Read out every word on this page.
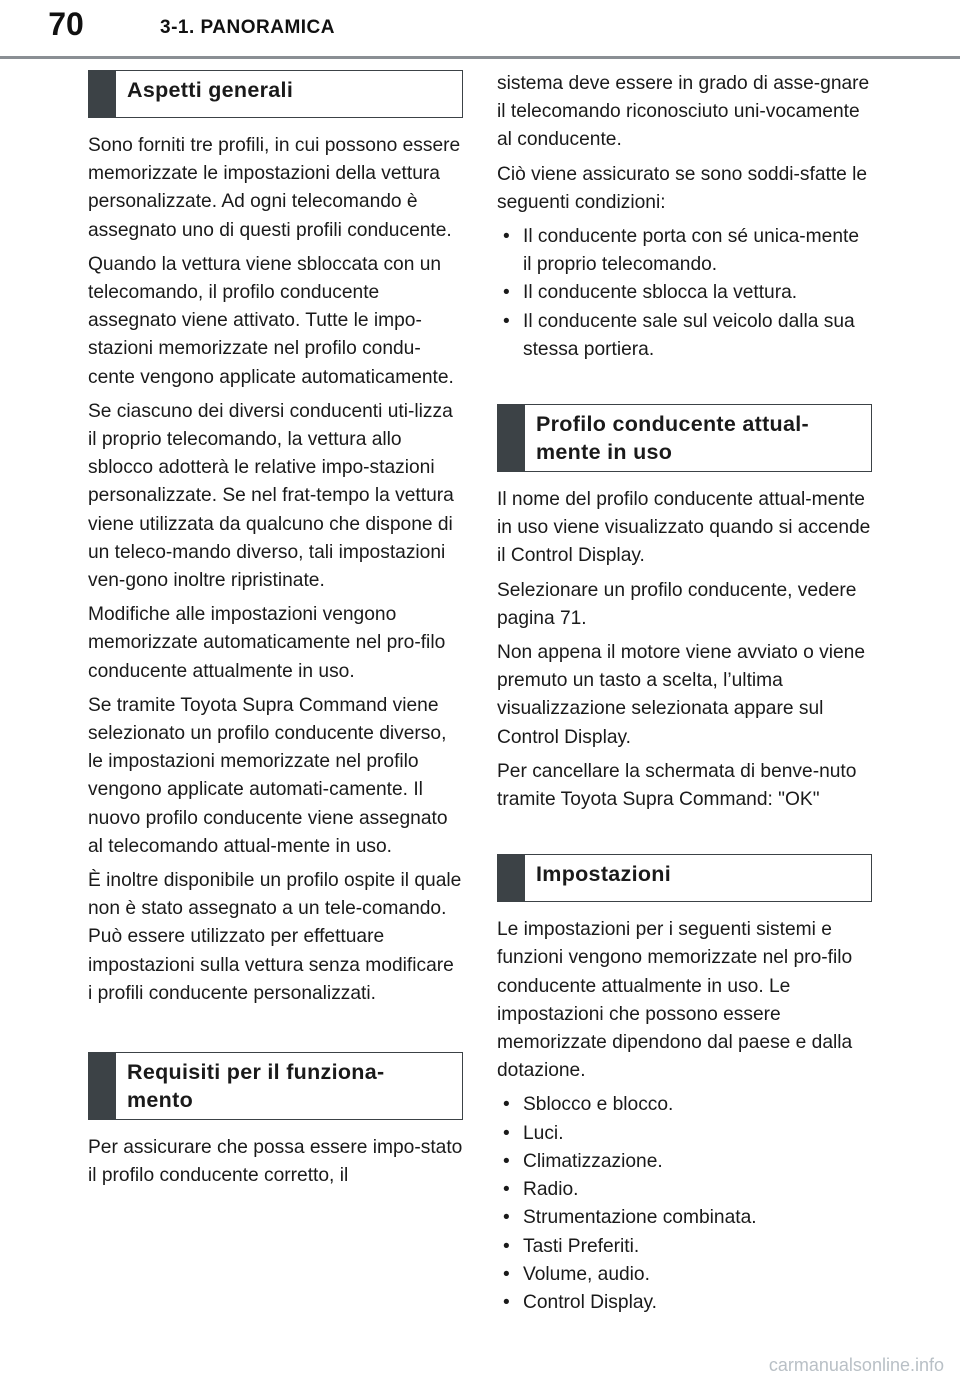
70	3-1. PANORAMICA
Aspetti generali

Sono forniti tre profili, in cui possono essere memorizzate le impostazioni della vettura personalizzate. Ad ogni telecomando è assegnato uno di questi profili conducente.

Quando la vettura viene sbloccata con un telecomando, il profilo conducente assegnato viene attivato. Tutte le impo-stazioni memorizzate nel profilo condu-cente vengono applicate automaticamente.

Se ciascuno dei diversi conducenti uti-lizza il proprio telecomando, la vettura allo sblocco adotterà le relative impo-stazioni personalizzate. Se nel frat-tempo la vettura viene utilizzata da qualcuno che dispone di un teleco-mando diverso, tali impostazioni ven-gono inoltre ripristinate.

Modifiche alle impostazioni vengono memorizzate automaticamente nel pro-filo conducente attualmente in uso.

Se tramite Toyota Supra Command viene selezionato un profilo conducente diverso, le impostazioni memorizzate nel profilo vengono applicate automati-camente. Il nuovo profilo conducente viene assegnato al telecomando attual-mente in uso.

È inoltre disponibile un profilo ospite il quale non è stato assegnato a un tele-comando. Può essere utilizzato per effettuare impostazioni sulla vettura senza modificare i profili conducente personalizzati.

Requisiti per il funziona-mento

Per assicurare che possa essere impo-stato il profilo conducente corretto, il

sistema deve essere in grado di asse-gnare il telecomando riconosciuto uni-vocamente al conducente.

Ciò viene assicurato se sono soddi-sfatte le seguenti condizioni:

• Il conducente porta con sé unica-mente il proprio telecomando.
• Il conducente sblocca la vettura.
• Il conducente sale sul veicolo dalla sua stessa portiera.
Profilo conducente attual-mente in uso

Il nome del profilo conducente attual-mente in uso viene visualizzato quando si accende il Control Display.

Selezionare un profilo conducente, vedere pagina 71.

Non appena il motore viene avviato o viene premuto un tasto a scelta, l’ultima visualizzazione selezionata appare sul Control Display.

Per cancellare la schermata di benve-nuto tramite Toyota Supra Command: "OK"

Impostazioni

Le impostazioni per i seguenti sistemi e funzioni vengono memorizzate nel pro-filo conducente attualmente in uso. Le impostazioni che possono essere memorizzate dipendono dal paese e dalla dotazione.

• Sblocco e blocco.
• Luci.
• Climatizzazione.
• Radio.
• Strumentazione combinata.
• Tasti Preferiti.
• Volume, audio.
• Control Display.
carmanualsonline.info
